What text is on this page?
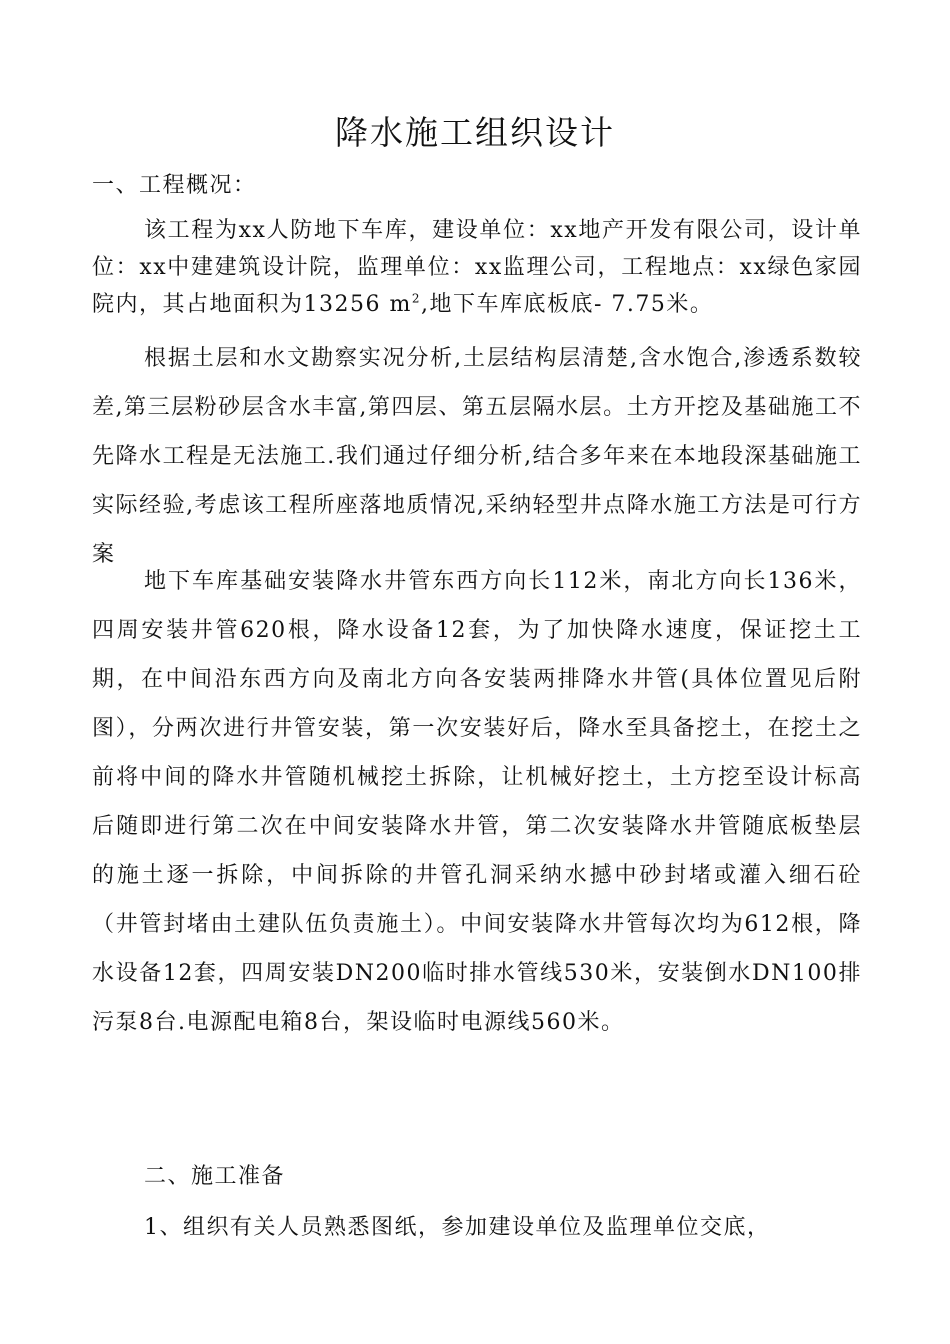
降水施工组织设计

一、工程概况：

该工程为xx人防地下车库，建设单位：xx地产开发有限公司，设计单位：xx中建建筑设计院，监理单位：xx监理公司，工程地点：xx绿色家园院内，其占地面积为13256 $m^2$,地下车库底板底- 7.75米。

根据土层和水文勘察实况分析,土层结构层清楚,含水饱合,渗透系数较差,第三层粉砂层含水丰富,第四层、第五层隔水层。土方开挖及基础施工不先降水工程是无法施工.我们通过仔细分析,结合多年来在本地段深基础施工实际经验,考虑该工程所座落地质情况,采纳轻型井点降水施工方法是可行方案

地下车库基础安装降水井管东西方向长112米，南北方向长136米，四周安装井管620根，降水设备12套，为了加快降水速度，保证挖土工期，在中间沿东西方向及南北方向各安装两排降水井管(具体位置见后附图），分两次进行井管安装，第一次安装好后，降水至具备挖土，在挖土之前将中间的降水井管随机械挖土拆除，让机械好挖土，土方挖至设计标高后随即进行第二次在中间安装降水井管，第二次安装降水井管随底板垫层的施土逐一拆除，中间拆除的井管孔洞采纳水撼中砂封堵或灌入细石砼（井管封堵由土建队伍负责施土）。中间安装降水井管每次均为612根，降水设备12套，四周安装DN200临时排水管线530米，安装倒水DN100排污泵8台.电源配电箱8台，架设临时电源线560米。

二、施工准备

1、组织有关人员熟悉图纸，参加建设单位及监理单位交底，
